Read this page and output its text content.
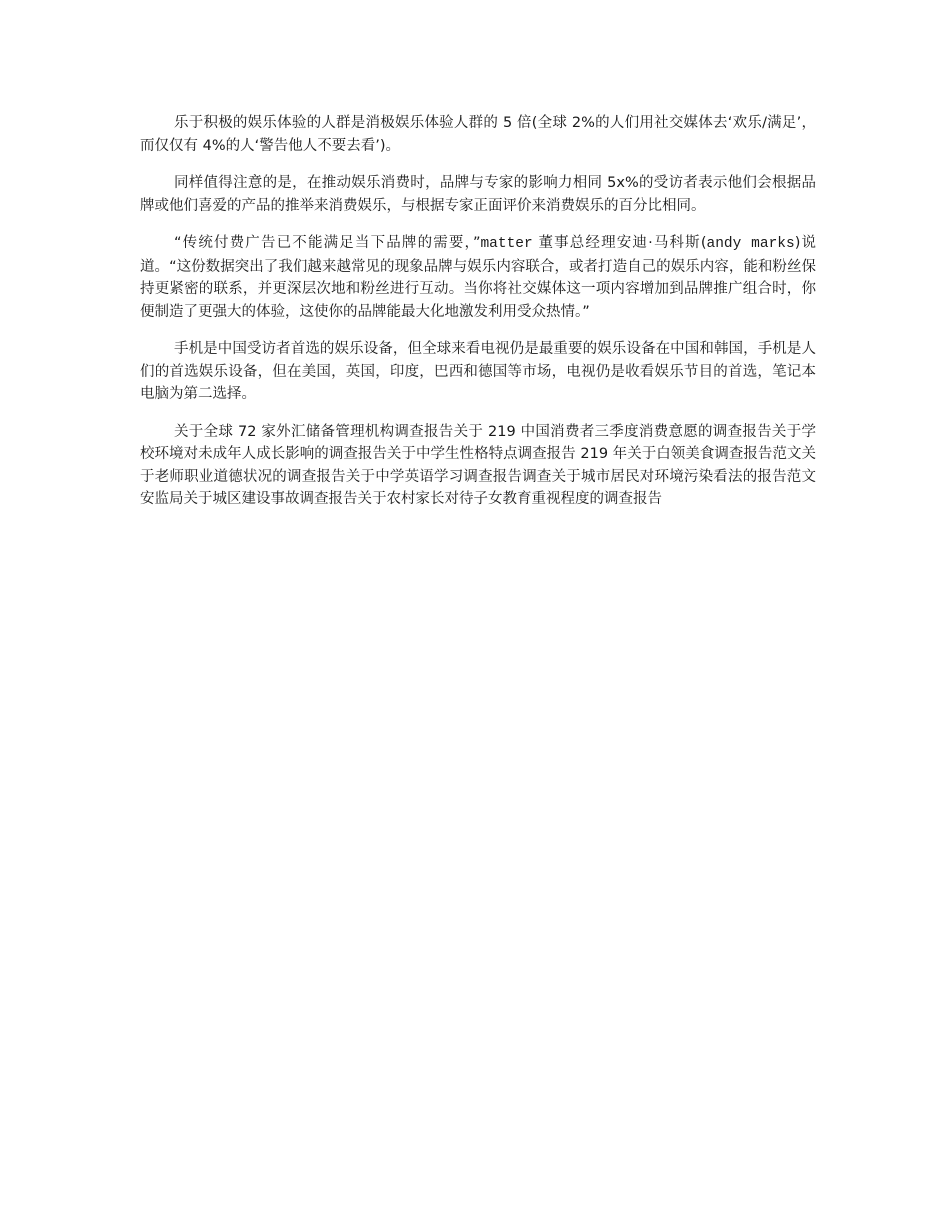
乐于积极的娱乐体验的人群是消极娱乐体验人群的 5 倍(全球 2%的人们用社交媒体去‘欢乐/满足’，而仅仅有 4%的人‘警告他人不要去看’)。

同样值得注意的是，在推动娱乐消费时，品牌与专家的影响力相同 5x%的受访者表示他们会根据品牌或他们喜爱的产品的推举来消费娱乐，与根据专家正面评价来消费娱乐的百分比相同。

“传统付费广告已不能满足当下品牌的需要，”matter 董事总经理安迪·马科斯(andy marks)说道。“这份数据突出了我们越来越常见的现象品牌与娱乐内容联合，或者打造自己的娱乐内容，能和粉丝保持更紧密的联系，并更深层次地和粉丝进行互动。当你将社交媒体这一项内容增加到品牌推广组合时，你便制造了更强大的体验，这使你的品牌能最大化地激发利用受众热情。”

手机是中国受访者首选的娱乐设备，但全球来看电视仍是最重要的娱乐设备在中国和韩国，手机是人们的首选娱乐设备，但在美国，英国，印度，巴西和德国等市场，电视仍是收看娱乐节目的首选，笔记本电脑为第二选择。

关于全球 72 家外汇储备管理机构调查报告关于 219 中国消费者三季度消费意愿的调查报告关于学校环境对未成年人成长影响的调查报告关于中学生性格特点调查报告 219 年关于白领美食调查报告范文关于老师职业道德状况的调查报告关于中学英语学习调查报告调查关于城市居民对环境污染看法的报告范文安监局关于城区建设事故调查报告关于农村家长对待子女教育重视程度的调查报告
